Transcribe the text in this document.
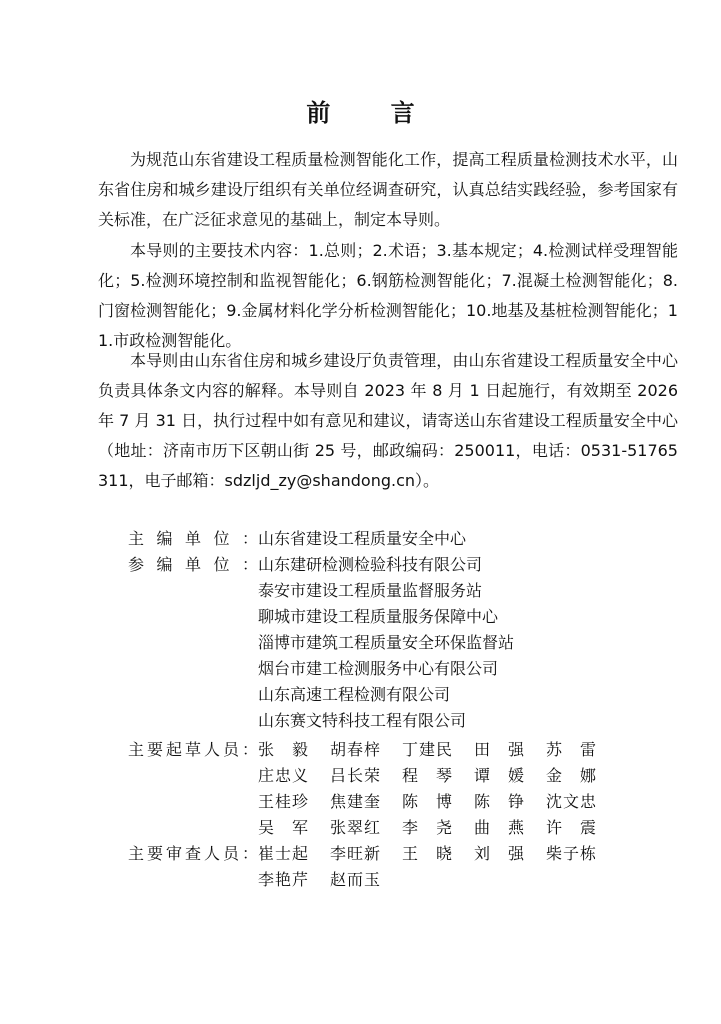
前 言

为规范山东省建设工程质量检测智能化工作，提高工程质量检测技术水平，山东省住房和城乡建设厅组织有关单位经调查研究，认真总结实践经验，参考国家有关标准，在广泛征求意见的基础上，制定本导则。

本导则的主要技术内容：1.总则；2.术语；3.基本规定；4.检测试样受理智能化；5.检测环境控制和监视智能化；6.钢筋检测智能化；7.混凝土检测智能化；8.门窗检测智能化；9.金属材料化学分析检测智能化；10.地基及基桩检测智能化；11.市政检测智能化。

本导则由山东省住房和城乡建设厅负责管理，由山东省建设工程质量安全中心负责具体条文内容的解释。本导则自 2023 年 8 月 1 日起施行，有效期至 2026 年 7 月 31 日，执行过程中如有意见和建议，请寄送山东省建设工程质量安全中心（地址：济南市历下区朝山街 25 号，邮政编码：250011，电话：0531-51765311，电子邮箱：sdzljd_zy@shandong.cn）。

主编单位： 山东省建设工程质量安全中心
参编单位： 山东建研检测检验科技有限公司
泰安市建设工程质量监督服务站
聊城市建设工程质量服务保障中心
淄博市建筑工程质量安全环保监督站
烟台市建工检测服务中心有限公司
山东高速工程检测有限公司
山东赛文特科技工程有限公司
主要起草人员： 张毅 胡春梓 丁建民 田强 苏雷
庄忠义 吕长荣 程琴 谭媛 金娜
王桂珍 焦建奎 陈博 陈铮 沈文忠
吴军 张翠红 李尧 曲燕 许震
主要审查人员： 崔士起 李旺新 王晓 刘强 柴子栋
李艳芹 赵而玉
